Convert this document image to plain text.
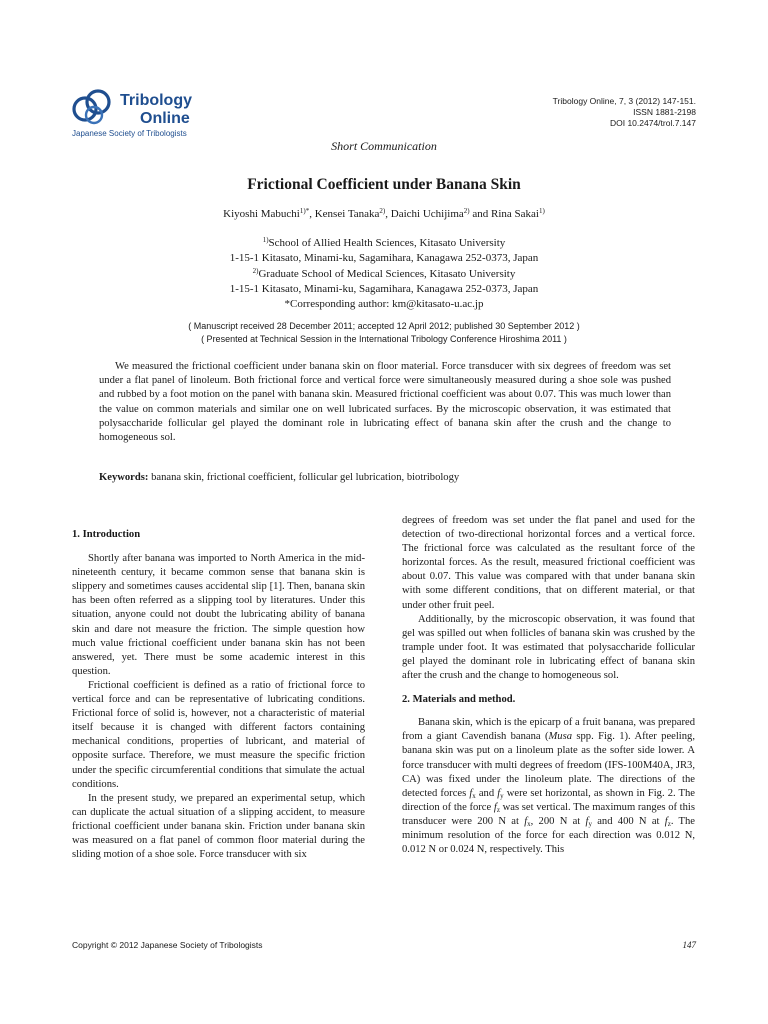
Tribology
Online
Japanese Society of Tribologists
Tribology Online, 7, 3 (2012) 147-151.
ISSN 1881-2198
DOI 10.2474/trol.7.147
Short Communication
Frictional Coefficient under Banana Skin
Kiyoshi Mabuchi$^{1)*}$, Kensei Tanaka$^{2)}$, Daichi Uchijima$^{2)}$ and Rina Sakai$^{1)}$
$^{1)}$School of Allied Health Sciences, Kitasato University
1-15-1 Kitasato, Minami-ku, Sagamihara, Kanagawa 252-0373, Japan
$^{2)}$Graduate School of Medical Sciences, Kitasato University
1-15-1 Kitasato, Minami-ku, Sagamihara, Kanagawa 252-0373, Japan
*Corresponding author: km@kitasato-u.ac.jp
( Manuscript received 28 December 2011; accepted 12 April 2012; published 30 September 2012 )
( Presented at Technical Session in the International Tribology Conference Hiroshima 2011 )

We measured the frictional coefficient under banana skin on floor material. Force transducer with six degrees of freedom was set under a flat panel of linoleum. Both frictional force and vertical force were simultaneously measured during a shoe sole was pushed and rubbed by a foot motion on the panel with banana skin. Measured frictional coefficient was about 0.07. This was much lower than the value on common materials and similar one on well lubricated surfaces. By the microscopic observation, it was estimated that polysaccharide follicular gel played the dominant role in lubricating effect of banana skin after the crush and the change to homogeneous sol.

Keywords: banana skin, frictional coefficient, follicular gel lubrication, biotribology
1. Introduction

Shortly after banana was imported to North America in the mid-nineteenth century, it became common sense that banana skin is slippery and sometimes causes accidental slip [1]. Then, banana skin has been often referred as a slipping tool by literatures. Under this situation, anyone could not doubt the lubricating ability of banana skin and dare not measure the friction. The simple question how much value frictional coefficient under banana skin has not been answered, yet. There must be some academic interest in this question.

Frictional coefficient is defined as a ratio of frictional force to vertical force and can be representative of lubricating conditions. Frictional force of solid is, however, not a characteristic of material itself because it is changed with different factors containing mechanical conditions, properties of lubricant, and material of opposite surface. Therefore, we must measure the specific friction under the specific circumferential conditions that simulate the actual conditions.

In the present study, we prepared an experimental setup, which can duplicate the actual situation of a slipping accident, to measure frictional coefficient under banana skin. Friction under banana skin was measured on a flat panel of common floor material during the sliding motion of a shoe sole. Force transducer with six

degrees of freedom was set under the flat panel and used for the detection of two-directional horizontal forces and a vertical force. The frictional force was calculated as the resultant force of the horizontal forces. As the result, measured frictional coefficient was about 0.07. This value was compared with that under banana skin with some different conditions, that on different material, or that under other fruit peel.

Additionally, by the microscopic observation, it was found that gel was spilled out when follicles of banana skin was crushed by the trample under foot. It was estimated that polysaccharide follicular gel played the dominant role in lubricating effect of banana skin after the crush and the change to homogeneous sol.

2. Materials and method.

Banana skin, which is the epicarp of a fruit banana, was prepared from a giant Cavendish banana (Musa spp. Fig. 1). After peeling, banana skin was put on a linoleum plate as the softer side lower. A force transducer with multi degrees of freedom (IFS-100M40A, JR3, CA) was fixed under the linoleum plate. The directions of the detected forces $f_x$ and $f_y$ were set horizontal, as shown in Fig. 2. The direction of the force $f_z$ was set vertical. The maximum ranges of this transducer were 200 N at $f_x$, 200 N at $f_y$ and 400 N at $f_z$. The minimum resolution of the force for each direction was 0.012 N, 0.012 N or 0.024 N, respectively. This

Copyright © 2012 Japanese Society of Tribologists	147
